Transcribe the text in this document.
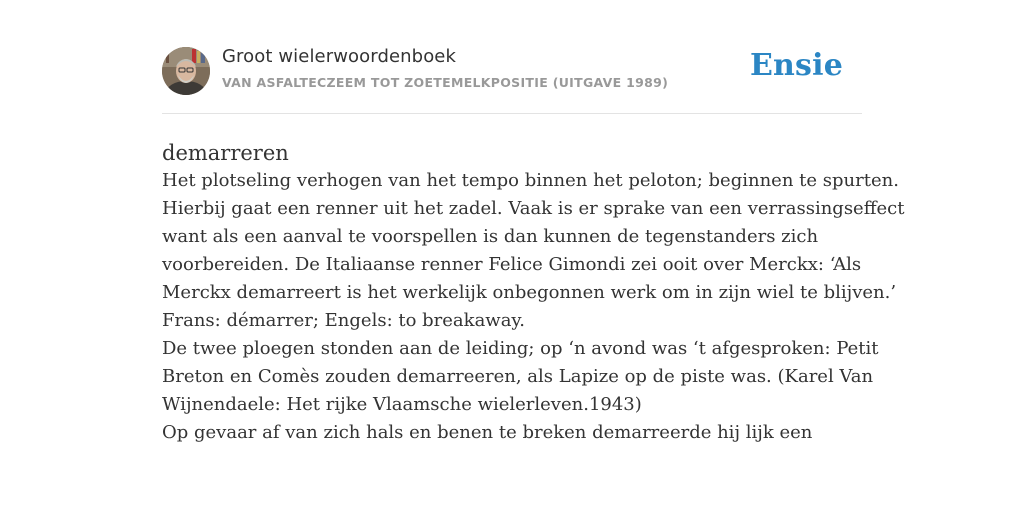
Groot wielerwoordenboek
VAN ASFALTECZEEM TOT ZOETEMELKPOSITIE (UITGAVE 1989)	Ensie
demarreren

Het plotseling verhogen van het tempo binnen het peloton; beginnen te spurten.
Hierbij gaat een renner uit het zadel. Vaak is er sprake van een verrassingseffect
want als een aanval te voorspellen is dan kunnen de tegenstanders zich
voorbereiden. De Italiaanse renner Felice Gimondi zei ooit over Merckx: ‘Als
Merckx demarreert is het werkelijk onbegonnen werk om in zijn wiel te blijven.’
Frans: démarrer; Engels: to breakaway.

De twee ploegen stonden aan de leiding; op ‘n avond was ‘t afgesproken: Petit
Breton en Comès zouden demarreeren, als Lapize op de piste was. (Karel Van
Wijnendaele: Het rijke Vlaamsche wielerleven.1943)

Op gevaar af van zich hals en benen te breken demarreerde hij lijk een
